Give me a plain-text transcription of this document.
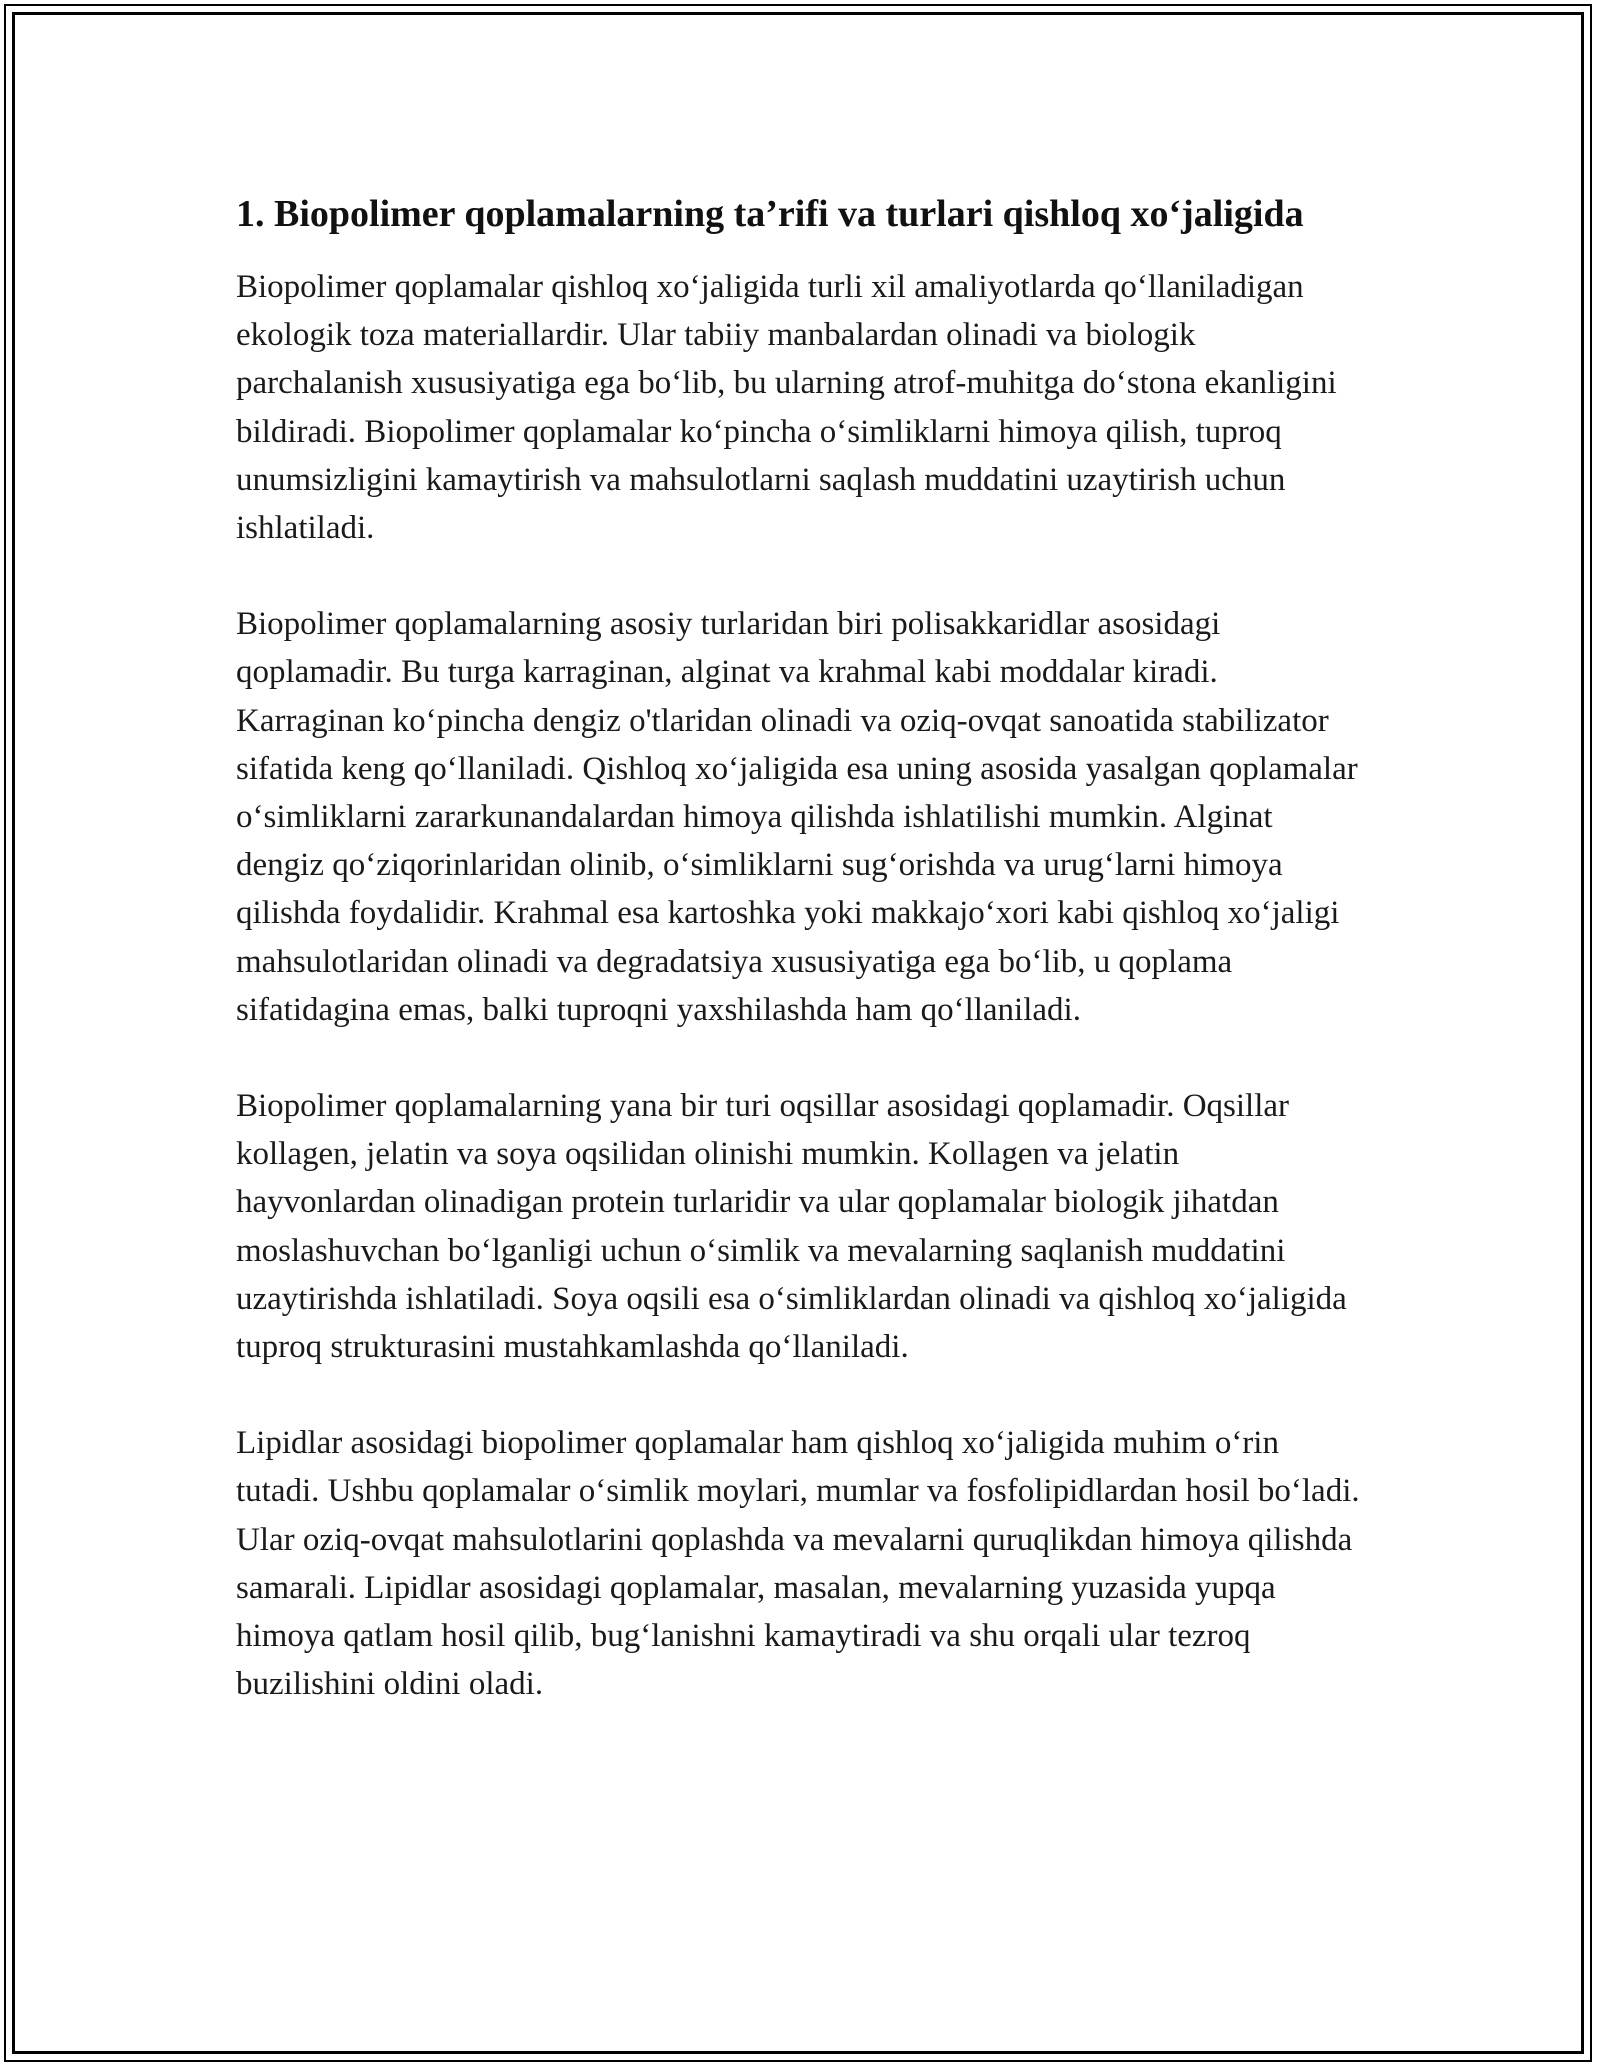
1. Biopolimer qoplamalarning ta’rifi va turlari qishloq xo‘jaligida

Biopolimer qoplamalar qishloq xo‘jaligida turli xil amaliyotlarda qo‘llaniladigan ekologik toza materiallardir. Ular tabiiy manbalardan olinadi va biologik parchalanish xususiyatiga ega bo‘lib, bu ularning atrof-muhitga do‘stona ekanligini bildiradi. Biopolimer qoplamalar ko‘pincha o‘simliklarni himoya qilish, tuproq unumsizligini kamaytirish va mahsulotlarni saqlash muddatini uzaytirish uchun ishlatiladi.

Biopolimer qoplamalarning asosiy turlaridan biri polisakkaridlar asosidagi qoplamadir. Bu turga karraginan, alginat va krahmal kabi moddalar kiradi. Karraginan ko‘pincha dengiz o'tlaridan olinadi va oziq-ovqat sanoatida stabilizator sifatida keng qo‘llaniladi. Qishloq xo‘jaligida esa uning asosida yasalgan qoplamalar o‘simliklarni zararkunandalardan himoya qilishda ishlatilishi mumkin. Alginat dengiz qo‘ziqorinlaridan olinib, o‘simliklarni sug‘orishda va urug‘larni himoya qilishda foydalidir. Krahmal esa kartoshka yoki makkajo‘xori kabi qishloq xo‘jaligi mahsulotlaridan olinadi va degradatsiya xususiyatiga ega bo‘lib, u qoplama sifatidagina emas, balki tuproqni yaxshilashda ham qo‘llaniladi.

Biopolimer qoplamalarning yana bir turi oqsillar asosidagi qoplamadir. Oqsillar kollagen, jelatin va soya oqsilidan olinishi mumkin. Kollagen va jelatin hayvonlardan olinadigan protein turlaridir va ular qoplamalar biologik jihatdan moslashuvchan bo‘lganligi uchun o‘simlik va mevalarning saqlanish muddatini uzaytirishda ishlatiladi. Soya oqsili esa o‘simliklardan olinadi va qishloq xo‘jaligida tuproq strukturasini mustahkamlashda qo‘llaniladi.

Lipidlar asosidagi biopolimer qoplamalar ham qishloq xo‘jaligida muhim o‘rin tutadi. Ushbu qoplamalar o‘simlik moylari, mumlar va fosfolipidlardan hosil bo‘ladi. Ular oziq-ovqat mahsulotlarini qoplashda va mevalarni quruqlikdan himoya qilishda samarali. Lipidlar asosidagi qoplamalar, masalan, mevalarning yuzasida yupqa himoya qatlam hosil qilib, bug‘lanishni kamaytiradi va shu orqali ular tezroq buzilishini oldini oladi.
